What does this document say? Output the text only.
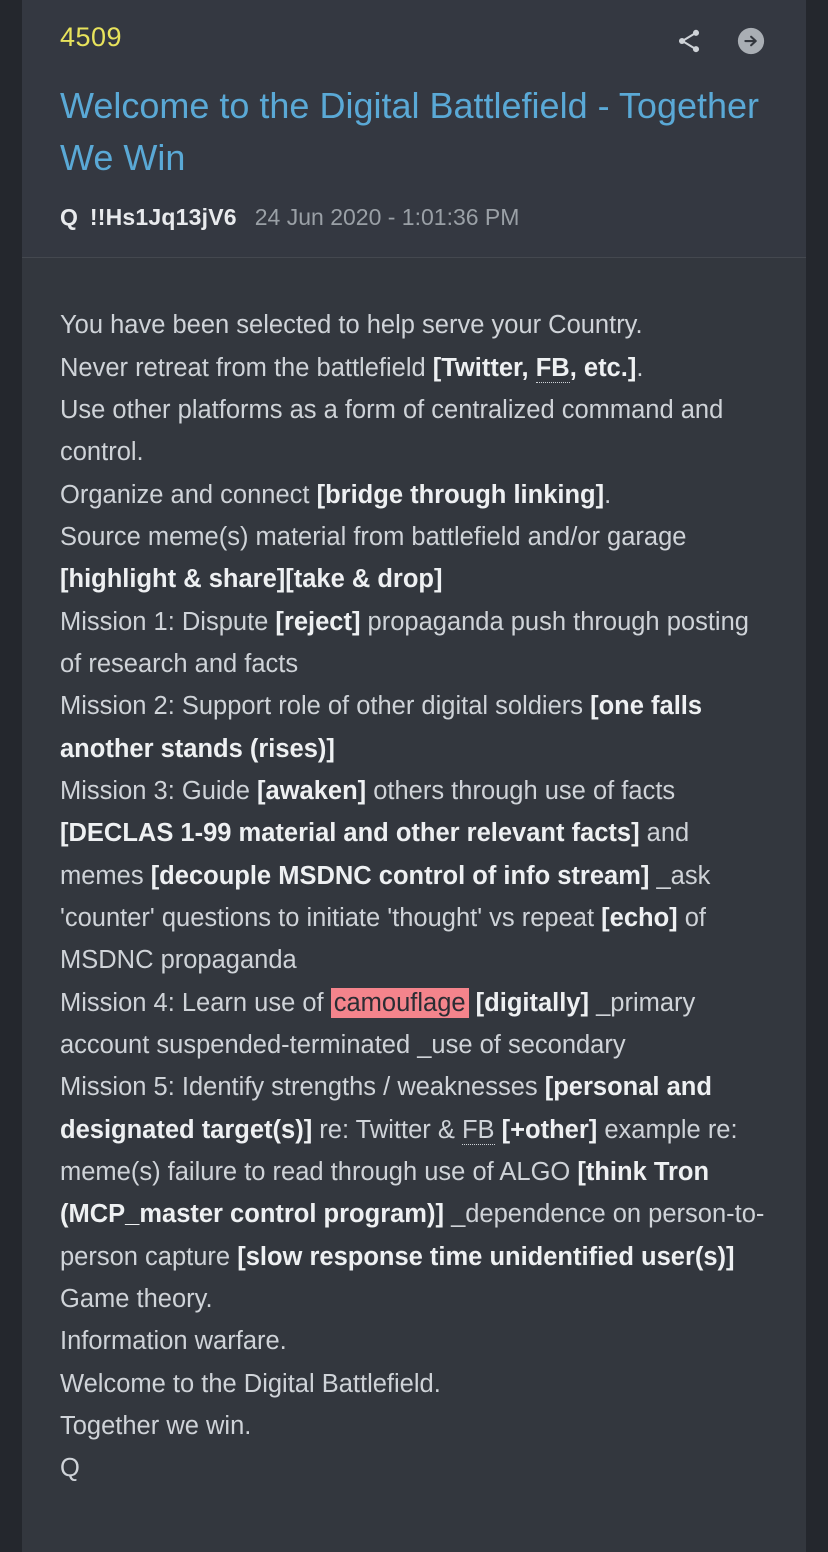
4509
Welcome to the Digital Battlefield - Together We Win
Q !!Hs1Jq13jV6 24 Jun 2020 - 1:01:36 PM
You have been selected to help serve your Country.
Never retreat from the battlefield [Twitter, FB, etc.].
Use other platforms as a form of centralized command and control.
Organize and connect [bridge through linking].
Source meme(s) material from battlefield and/or garage [highlight & share][take & drop]
Mission 1: Dispute [reject] propaganda push through posting of research and facts
Mission 2: Support role of other digital soldiers [one falls another stands (rises)]
Mission 3: Guide [awaken] others through use of facts [DECLAS 1-99 material and other relevant facts] and memes [decouple MSDNC control of info stream] _ask 'counter' questions to initiate 'thought' vs repeat [echo] of MSDNC propaganda
Mission 4: Learn use of camouflage [digitally] _primary account suspended-terminated _use of secondary
Mission 5: Identify strengths / weaknesses [personal and designated target(s)] re: Twitter & FB [+other] example re: meme(s) failure to read through use of ALGO [think Tron (MCP_master control program)] _dependence on person-to-person capture [slow response time unidentified user(s)]
Game theory.
Information warfare.
Welcome to the Digital Battlefield.
Together we win.
Q
